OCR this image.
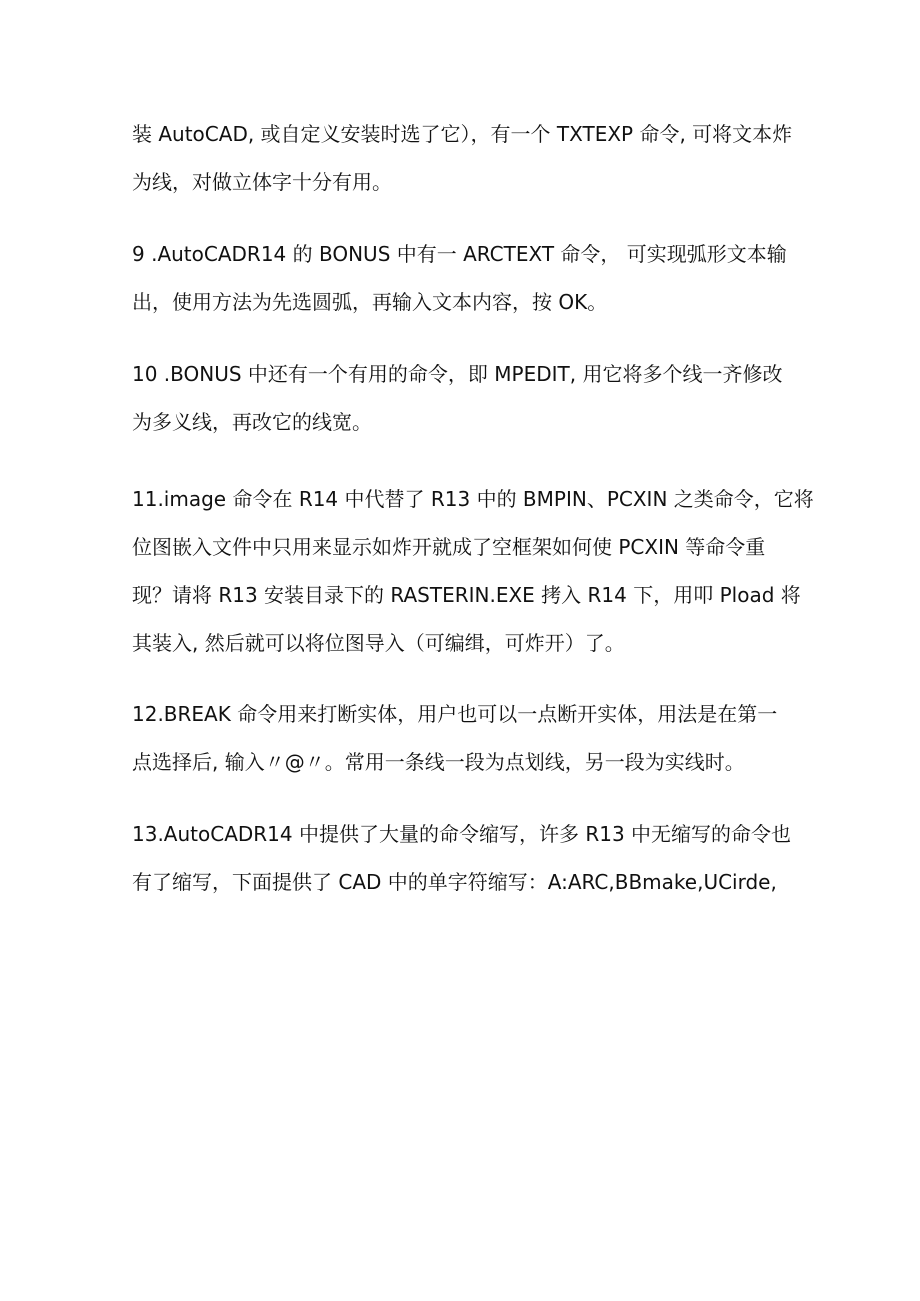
装 AutoCAD, 或自定义安装时选了它），有一个 TXTEXP 命令, 可将文本炸
为线，对做立体字十分有用。
9 .AutoCADR14 的 BONUS 中有一 ARCTEXT 命令， 可实现弧形文本输
出，使用方法为先选圆弧，再输入文本内容，按 OK。
10 .BONUS 中还有一个有用的命令，即 MPEDIT, 用它将多个线一齐修改
为多义线，再改它的线宽。
11.image 命令在 R14 中代替了 R13 中的 BMPIN、PCXIN 之类命令，它将
位图嵌入文件中只用来显示如炸开就成了空框架如何使 PCXIN 等命令重
现？请将 R13 安装目录下的 RASTERIN.EXE 拷入 R14 下，用叩 Pload 将
其装入, 然后就可以将位图导入（可编缉，可炸开）了。
12.BREAK 命令用来打断实体，用户也可以一点断开实体，用法是在第一
点选择后, 输入〃@〃。常用一条线一段为点划线，另一段为实线时。
13.AutoCADR14 中提供了大量的命令缩写，许多 R13 中无缩写的命令也
有了缩写，下面提供了 CAD 中的单字符缩写：A:ARC,BBmake,UCirde,
